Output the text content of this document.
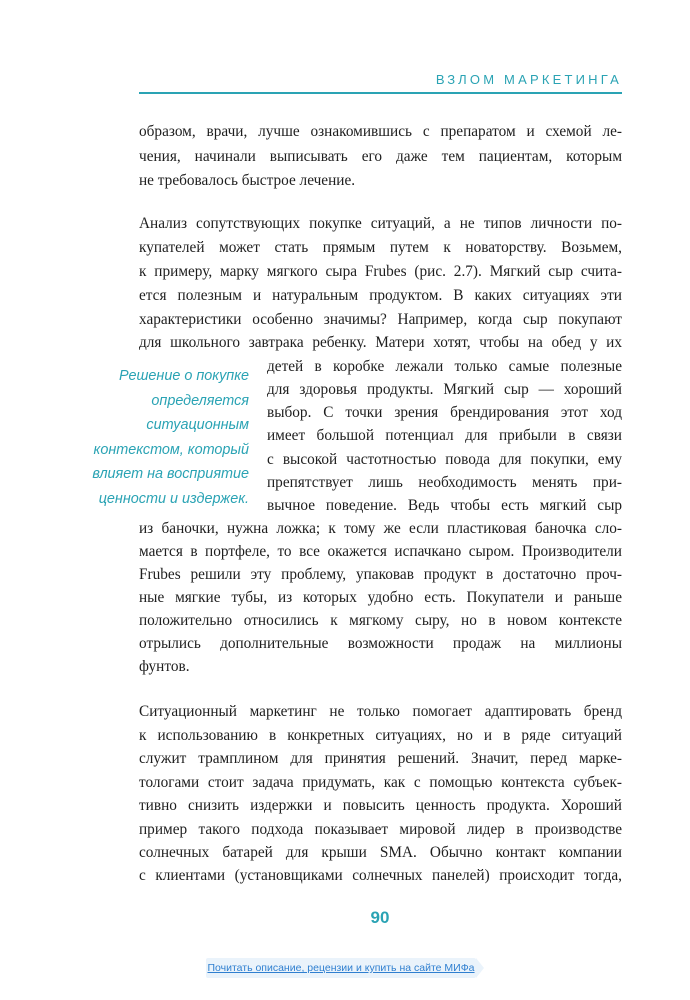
ВЗЛОМ МАРКЕТИНГА
образом, врачи, лучше ознакомившись с препаратом и схемой ле-
чения, начинали выписывать его даже тем пациентам, которым
не требовалось быстрое лечение.
Анализ сопутствующих покупке ситуаций, а не типов личности по-
купателей может стать прямым путем к новаторству. Возьмем,
к примеру, марку мягкого сыра Frubes (рис. 2.7). Мягкий сыр счита-
ется полезным и натуральным продуктом. В каких ситуациях эти
характеристики особенно значимы? Например, когда сыр покупают
для школьного завтрака ребенку. Матери хотят, чтобы на обед у их
детей в коробке лежали только самые полезные
для здоровья продукты. Мягкий сыр — хороший
выбор. С точки зрения брендирования этот ход
имеет большой потенциал для прибыли в связи
с высокой частотностью повода для покупки, ему
препятствует лишь необходимость менять при-
вычное поведение. Ведь чтобы есть мягкий сыр
из баночки, нужна ложка; к тому же если пластиковая баночка сло-
мается в портфеле, то все окажется испачкано сыром. Производители
Frubes решили эту проблему, упаковав продукт в достаточно проч-
ные мягкие тубы, из которых удобно есть. Покупатели и раньше
положительно относились к мягкому сыру, но в новом контексте
отрылись дополнительные возможности продаж на миллионы
фунтов.
Решение о покупке
определяется
ситуационным
контекстом, который
влияет на восприятие
ценности и издержек.
Ситуационный маркетинг не только помогает адаптировать бренд
к использованию в конкретных ситуациях, но и в ряде ситуаций
служит трамплином для принятия решений. Значит, перед марке-
тологами стоит задача придумать, как с помощью контекста субъек-
тивно снизить издержки и повысить ценность продукта. Хороший
пример такого подхода показывает мировой лидер в производстве
солнечных батарей для крыши SMA. Обычно контакт компании
с клиентами (установщиками солнечных панелей) происходит тогда,
90
Почитать описание, рецензии и купить на сайте МИФа
